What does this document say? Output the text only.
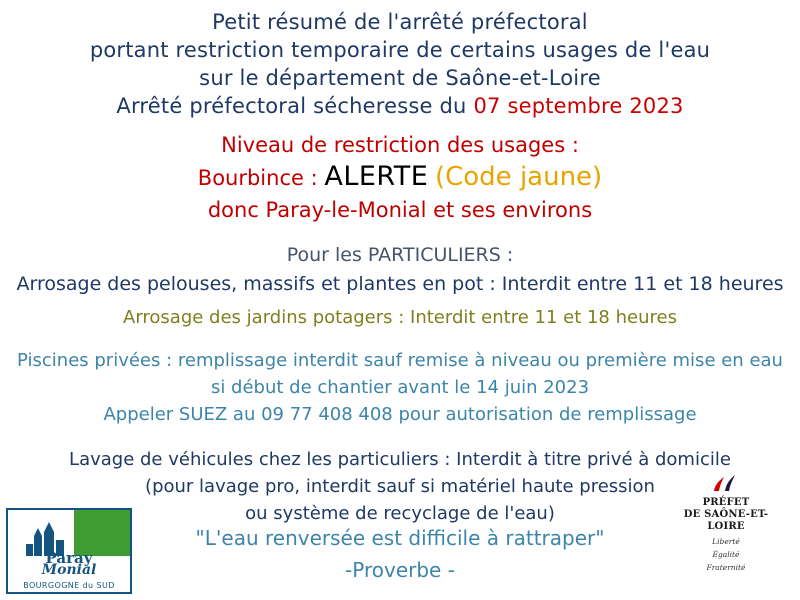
Petit résumé de l'arrêté préfectoral
portant restriction temporaire de certains usages de l'eau
sur le département de Saône-et-Loire
Arrêté préfectoral sécheresse du 07 septembre 2023
Niveau de restriction des usages :
Bourbince : ALERTE (Code jaune)
donc Paray-le-Monial et ses environs
Pour les PARTICULIERS :
Arrosage des pelouses, massifs et plantes en pot : Interdit entre 11 et 18 heures
Arrosage des jardins potagers : Interdit entre 11 et 18 heures
Piscines privées : remplissage interdit sauf remise à niveau ou première mise en eau
si début de chantier avant le 14 juin 2023
Appeler SUEZ au 09 77 408 408 pour autorisation de remplissage
Lavage de véhicules chez les particuliers : Interdit à titre privé à domicile
(pour lavage pro, interdit sauf si matériel haute pression
ou système de recyclage de l'eau)
"L'eau renversée est difficile à rattraper"
-Proverbe -
Paray
Monial
BOURGOGNE du SUD
PRÉFET
DE SAÔNE-ET-LOIRE
Liberté
Égalité
Fraternité
